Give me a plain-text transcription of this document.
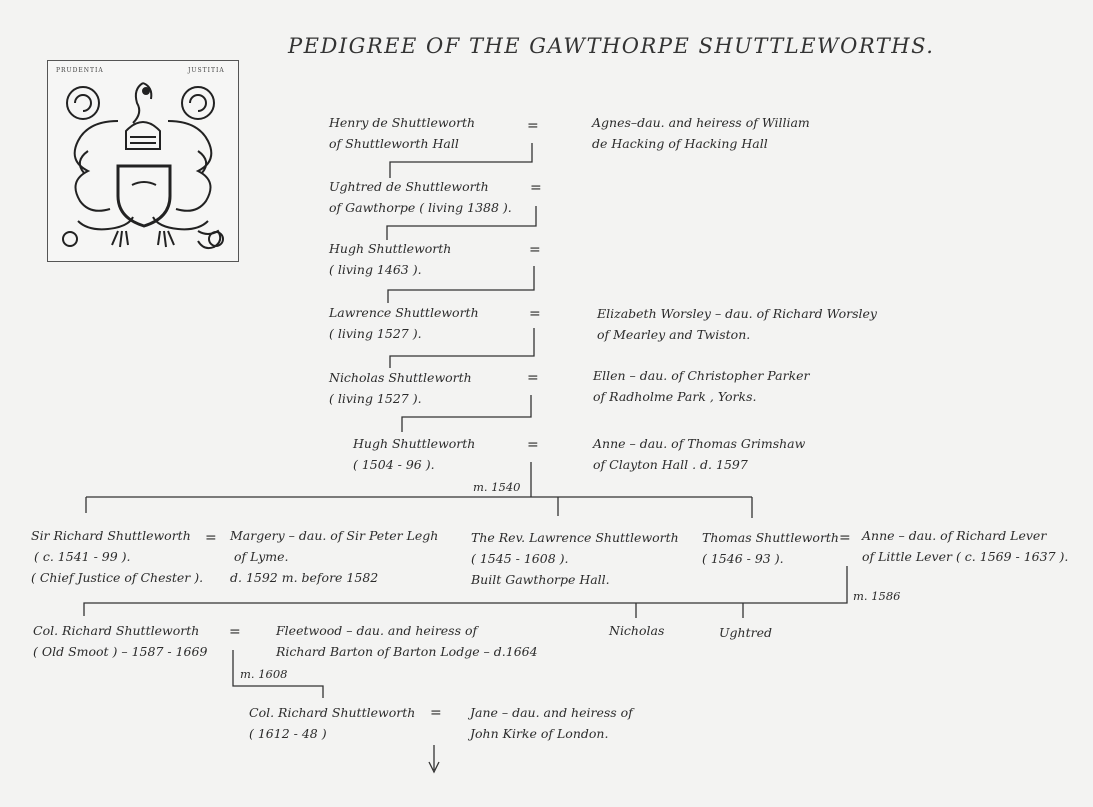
PEDIGREE OF THE GAWTHORPE SHUTTLEWORTHS.
PRUDENTIA	JUSTITIA
Henry de Shuttleworth
of Shuttleworth Hall
=	Agnes–dau. and heiress of William
de Hacking of Hacking Hall
Ughtred de Shuttleworth
of Gawthorpe ( living 1388 ).
=
Hugh Shuttleworth
( living 1463 ).
=
Lawrence Shuttleworth
( living 1527 ).
=	Elizabeth Worsley – dau. of Richard Worsley
of Mearley and Twiston.
Nicholas Shuttleworth
( living 1527 ).
=	Ellen – dau. of Christopher Parker
of Radholme Park , Yorks.
Hugh Shuttleworth
( 1504 - 96 ).
=	Anne – dau. of Thomas Grimshaw
of Clayton Hall . d. 1597
m. 1540
Sir Richard Shuttleworth
( c. 1541 - 99 ).
( Chief Justice of Chester ).
= Margery – dau. of Sir Peter Legh
of Lyme.
d. 1592 m. before 1582
The Rev. Lawrence Shuttleworth
( 1545 - 1608 ).
Built Gawthorpe Hall.
Thomas Shuttleworth
( 1546 - 93 ).
= Anne – dau. of Richard Lever
of Little Lever ( c. 1569 - 1637 ).
m. 1586
Col. Richard Shuttleworth
( Old Smoot ) – 1587 - 1669
=	Fleetwood – dau. and heiress of
Richard Barton of Barton Lodge – d.1664
Nicholas	Ughtred
m. 1608
Col. Richard Shuttleworth
( 1612 - 48 )
= Jane – dau. and heiress of
John Kirke of London.
